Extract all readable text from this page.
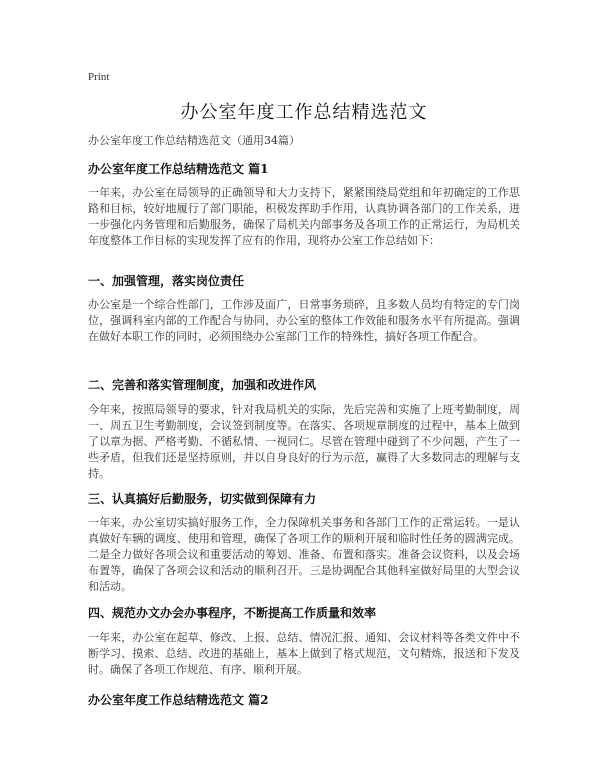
Print
办公室年度工作总结精选范文
办公室年度工作总结精选范文（通用34篇）
办公室年度工作总结精选范文 篇1

一年来，办公室在局领导的正确领导和大力支持下，紧紧围绕局党组和年初确定的工作思路和目标，较好地履行了部门职能，积极发挥助手作用，认真协调各部门的工作关系，进一步强化内务管理和后勤服务，确保了局机关内部事务及各项工作的正常运行，为局机关年度整体工作目标的实现发挥了应有的作用，现将办公室工作总结如下：

一、加强管理，落实岗位责任

办公室是一个综合性部门，工作涉及面广，日常事务琐碎，且多数人员均有特定的专门岗位，强调科室内部的工作配合与协同，办公室的整体工作效能和服务水平有所提高。强调在做好本职工作的同时，必须围绕办公室部门工作的特殊性，搞好各项工作配合。

二、完善和落实管理制度，加强和改进作风

今年来，按照局领导的要求，针对我局机关的实际，先后完善和实施了上班考勤制度，周一、周五卫生考勤制度，会议签到制度等。在落实、各项规章制度的过程中，基本上做到了以章为据、严格考勤、不循私情、一视同仁。尽管在管理中碰到了不少问题，产生了一些矛盾，但我们还是坚持原则，并以自身良好的行为示范，赢得了大多数同志的理解与支持。

三、认真搞好后勤服务，切实做到保障有力

一年来，办公室切实搞好服务工作，全力保障机关事务和各部门工作的正常运转。一是认真做好车辆的调度、使用和管理，确保了各项工作的顺利开展和临时性任务的圆满完成。二是全力做好各项会议和重要活动的筹划、准备、布置和落实。准备会议资料，以及会场布置等，确保了各项会议和活动的顺利召开。三是协调配合其他科室做好局里的大型会议和活动。

四、规范办文办会办事程序，不断提高工作质量和效率

一年来，办公室在起草、修改、上报、总结、情况汇报、通知、会议材料等各类文件中不断学习、摸索、总结、改进的基础上，基本上做到了格式规范，文句精炼，报送和下发及时。确保了各项工作规范、有序、顺利开展。

办公室年度工作总结精选范文 篇2
